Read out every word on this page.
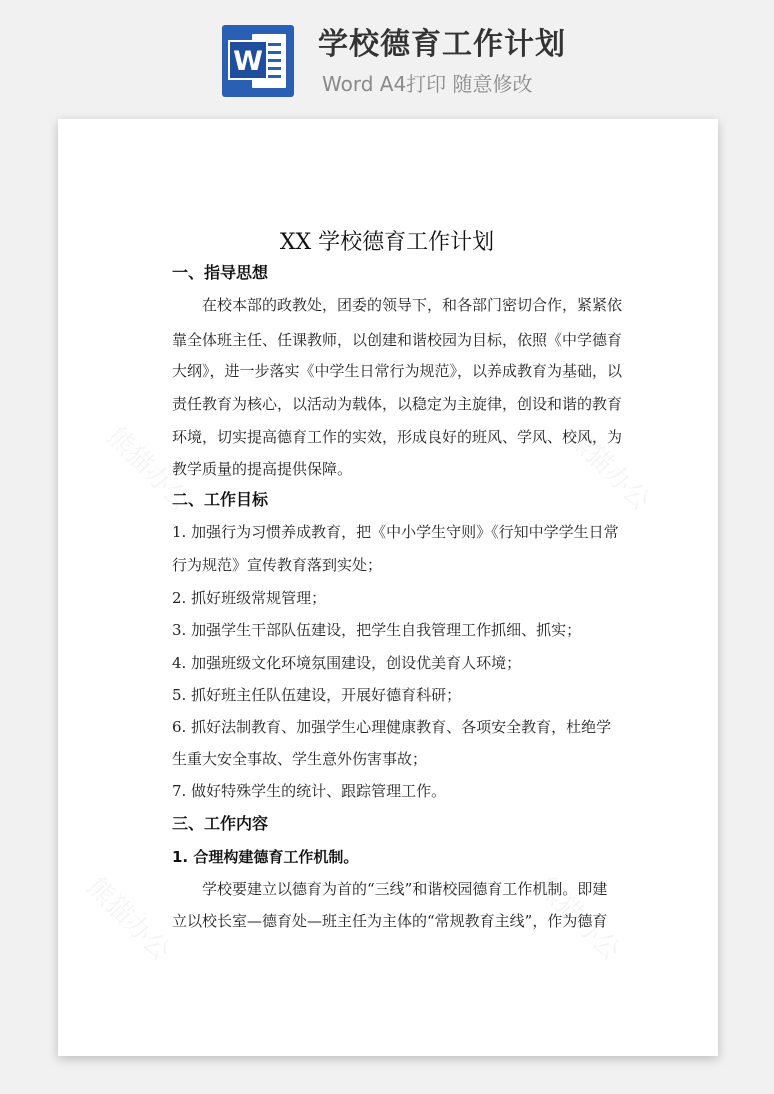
W 学校德育工作计划
Word A4打印 随意修改
XX 学校德育工作计划
一、指导思想
在校本部的政教处，团委的领导下，和各部门密切合作，紧紧依
靠全体班主任、任课教师，以创建和谐校园为目标，依照《中学德育
大纲》，进一步落实《中学生日常行为规范》，以养成教育为基础，以
责任教育为核心，以活动为载体，以稳定为主旋律，创设和谐的教育
环境，切实提高德育工作的实效，形成良好的班风、学风、校风，为
教学质量的提高提供保障。
二、工作目标
1. 加强行为习惯养成教育，把《中小学生守则》《行知中学学生日常
行为规范》宣传教育落到实处；
2. 抓好班级常规管理；
3. 加强学生干部队伍建设，把学生自我管理工作抓细、抓实；
4. 加强班级文化环境氛围建设，创设优美育人环境；
5. 抓好班主任队伍建设，开展好德育科研；
6. 抓好法制教育、加强学生心理健康教育、各项安全教育，杜绝学
生重大安全事故、学生意外伤害事故；
7. 做好特殊学生的统计、跟踪管理工作。
三、工作内容
1. 合理构建德育工作机制。
学校要建立以德育为首的“三线”和谐校园德育工作机制。即建
立以校长室—德育处—班主任为主体的“常规教育主线”，作为德育
